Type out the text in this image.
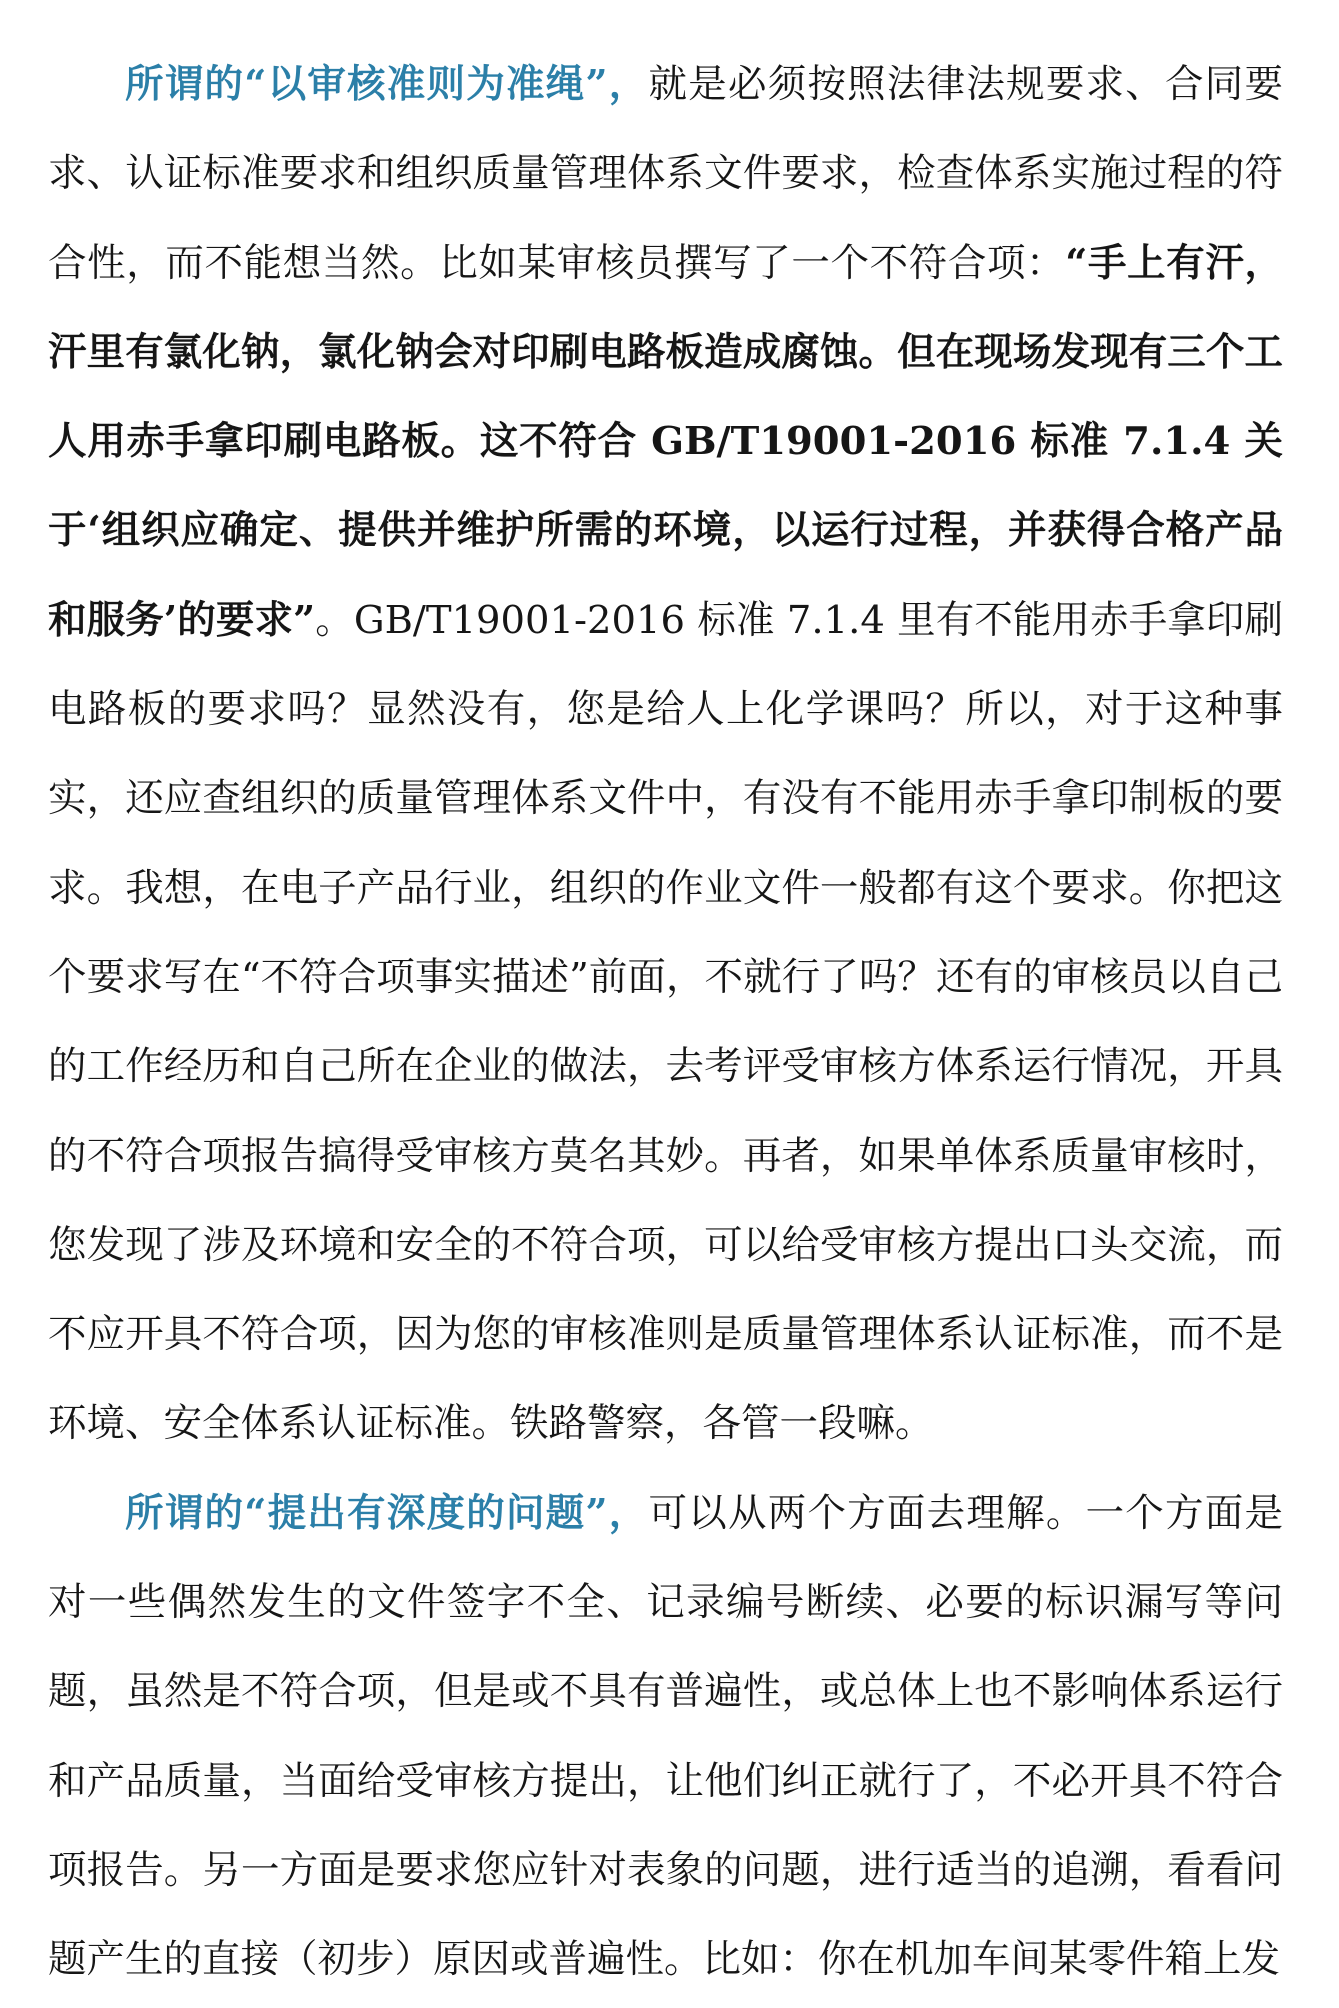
所谓的“以审核准则为准绳”，就是必须按照法律法规要求、合同要求、认证标准要求和组织质量管理体系文件要求，检查体系实施过程的符合性，而不能想当然。比如某审核员撰写了一个不符合项：“手上有汗，汗里有氯化钠，氯化钠会对印刷电路板造成腐蚀。但在现场发现有三个工人用赤手拿印刷电路板。这不符合 GB/T19001-2016 标准 7.1.4 关于‘组织应确定、提供并维护所需的环境，以运行过程，并获得合格产品和服务’的要求”。GB/T19001-2016 标准 7.1.4 里有不能用赤手拿印刷电路板的要求吗？显然没有，您是给人上化学课吗？所以，对于这种事实，还应查组织的质量管理体系文件中，有没有不能用赤手拿印制板的要求。我想，在电子产品行业，组织的作业文件一般都有这个要求。你把这个要求写在“不符合项事实描述”前面，不就行了吗？还有的审核员以自己的工作经历和自己所在企业的做法，去考评受审核方体系运行情况，开具的不符合项报告搞得受审核方莫名其妙。再者，如果单体系质量审核时，您发现了涉及环境和安全的不符合项，可以给受审核方提出口头交流，而不应开具不符合项，因为您的审核准则是质量管理体系认证标准，而不是环境、安全体系认证标准。铁路警察，各管一段嘛。

所谓的“提出有深度的问题”，可以从两个方面去理解。一个方面是对一些偶然发生的文件签字不全、记录编号断续、必要的标识漏写等问题，虽然是不符合项，但是或不具有普遍性，或总体上也不影响体系运行和产品质量，当面给受审核方提出，让他们纠正就行了，不必开具不符合项报告。另一方面是要求您应针对表象的问题，进行适当的追溯，看看问题产生的直接（初步）原因或普遍性。比如：你在机加车间某零件箱上发
